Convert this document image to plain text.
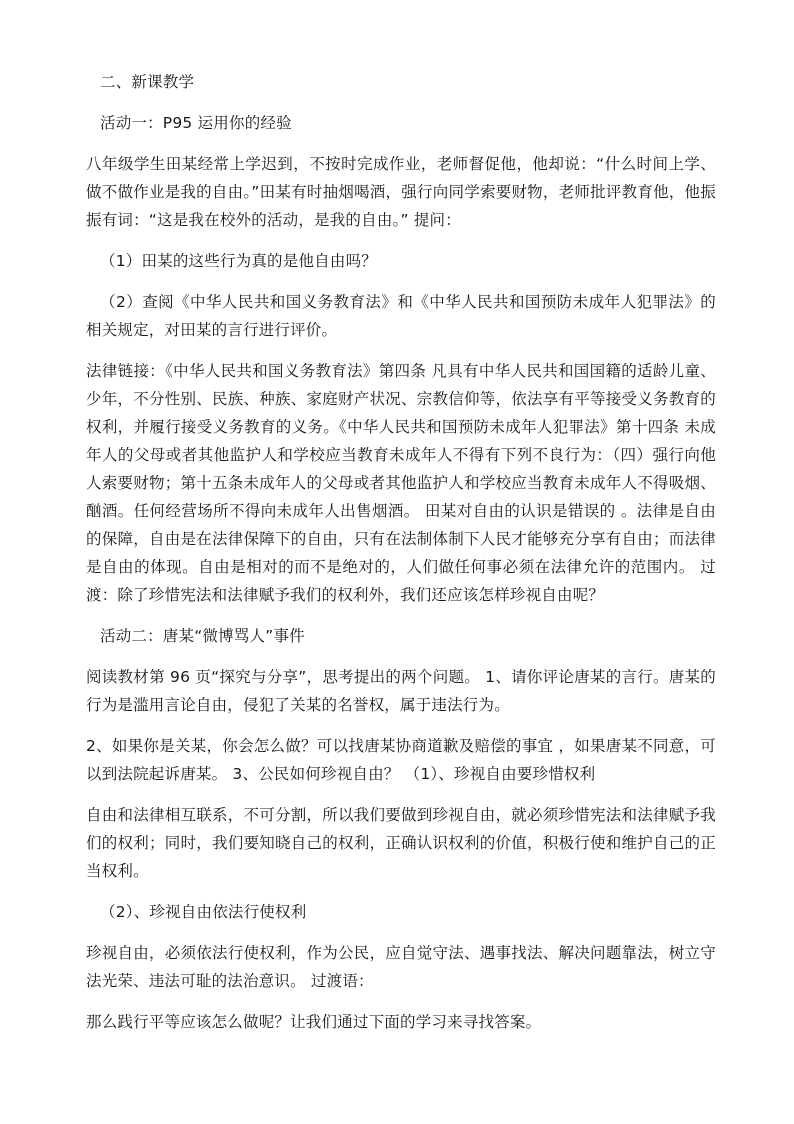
二、新课教学

活动一：P95 运用你的经验

八年级学生田某经常上学迟到，不按时完成作业，老师督促他，他却说：“什么时间上学、做不做作业是我的自由。”田某有时抽烟喝酒，强行向同学索要财物，老师批评教育他，他振振有词：“这是我在校外的活动，是我的自由。” 提问：

（1）田某的这些行为真的是他自由吗？

（2）查阅《中华人民共和国义务教育法》和《中华人民共和国预防未成年人犯罪法》的相关规定，对田某的言行进行评价。

法律链接：《中华人民共和国义务教育法》第四条 凡具有中华人民共和国国籍的适龄儿童、少年，不分性别、民族、种族、家庭财产状况、宗教信仰等，依法享有平等接受义务教育的权利，并履行接受义务教育的义务。《中华人民共和国预防未成年人犯罪法》第十四条 未成年人的父母或者其他监护人和学校应当教育未成年人不得有下列不良行为：（四）强行向他人索要财物；第十五条未成年人的父母或者其他监护人和学校应当教育未成年人不得吸烟、酗酒。任何经营场所不得向未成年人出售烟酒。 田某对自由的认识是错误的 。法律是自由的保障，自由是在法律保障下的自由，只有在法制体制下人民才能够充分享有自由；而法律是自由的体现。自由是相对的而不是绝对的，人们做任何事必须在法律允许的范围内。 过渡：除了珍惜宪法和法律赋予我们的权利外，我们还应该怎样珍视自由呢？

活动二：唐某“微博骂人”事件

阅读教材第 96 页“探究与分享”，思考提出的两个问题。 1、请你评论唐某的言行。唐某的行为是滥用言论自由，侵犯了关某的名誉权，属于违法行为。

2、如果你是关某，你会怎么做？可以找唐某协商道歉及赔偿的事宜 ，如果唐某不同意，可以到法院起诉唐某。 3、公民如何珍视自由？ （1）、珍视自由要珍惜权利

自由和法律相互联系，不可分割，所以我们要做到珍视自由，就必须珍惜宪法和法律赋予我们的权利；同时，我们要知晓自己的权利，正确认识权利的价值，积极行使和维护自己的正当权利。

（2）、珍视自由依法行使权利

珍视自由，必须依法行使权利，作为公民，应自觉守法、遇事找法、解决问题靠法，树立守法光荣、违法可耻的法治意识。 过渡语：

那么践行平等应该怎么做呢？让我们通过下面的学习来寻找答案。
